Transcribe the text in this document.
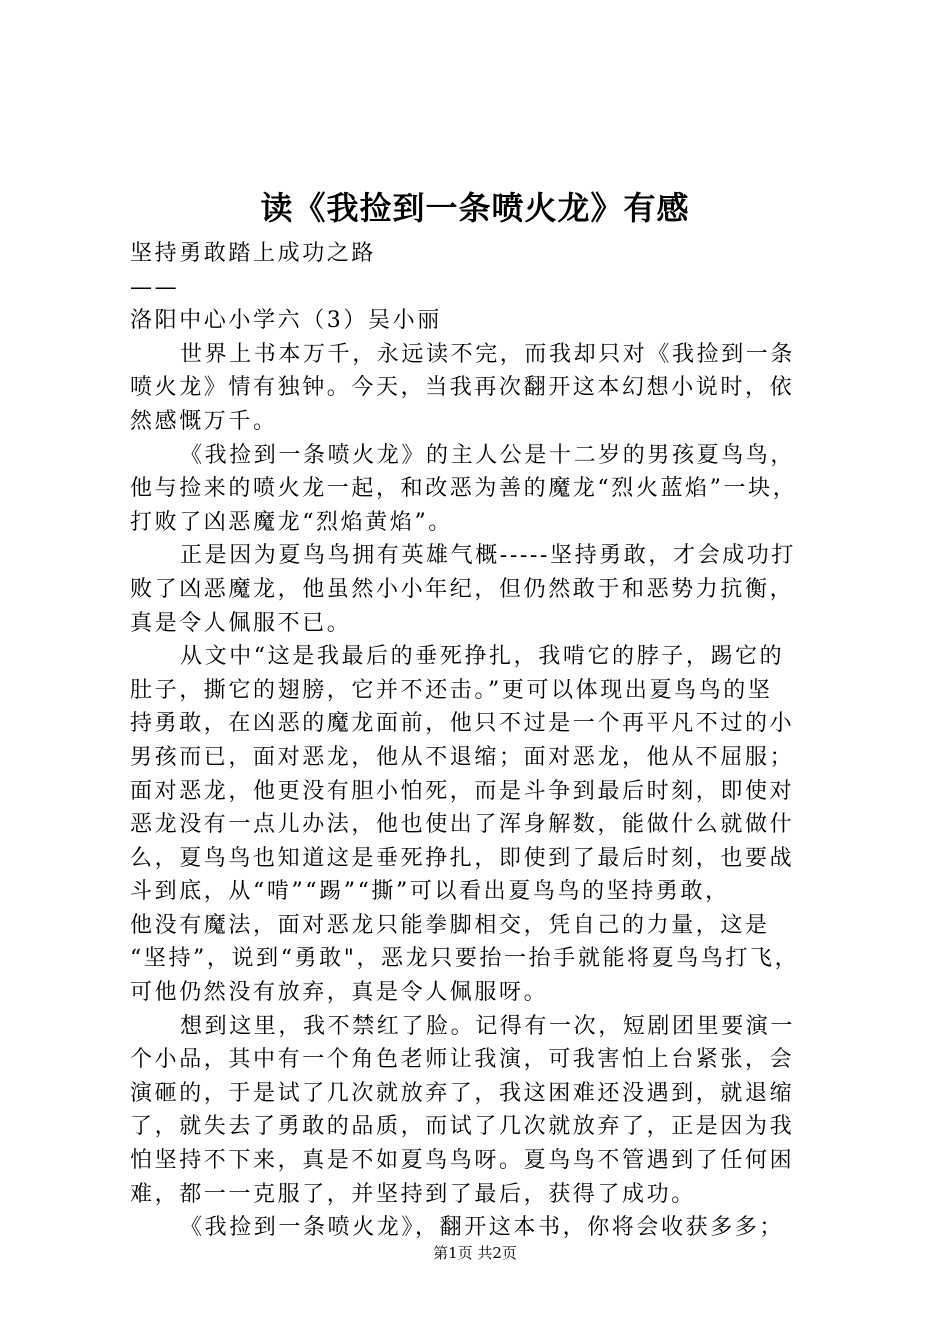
读《我捡到一条喷火龙》有感
坚持勇敢踏上成功之路
——
洛阳中心小学六（3）吴小丽
世界上书本万千，永远读不完，而我却只对《我捡到一条
喷火龙》情有独钟。今天，当我再次翻开这本幻想小说时，依
然感慨万千。
《我捡到一条喷火龙》的主人公是十二岁的男孩夏鸟鸟，
他与捡来的喷火龙一起，和改恶为善的魔龙“烈火蓝焰”一块，
打败了凶恶魔龙“烈焰黄焰”。
正是因为夏鸟鸟拥有英雄气概-----坚持勇敢，才会成功打
败了凶恶魔龙，他虽然小小年纪，但仍然敢于和恶势力抗衡，
真是令人佩服不已。
从文中“这是我最后的垂死挣扎，我啃它的脖子，踢它的
肚子，撕它的翅膀，它并不还击。”更可以体现出夏鸟鸟的坚
持勇敢，在凶恶的魔龙面前，他只不过是一个再平凡不过的小
男孩而已，面对恶龙，他从不退缩；面对恶龙，他从不屈服；
面对恶龙，他更没有胆小怕死，而是斗争到最后时刻，即使对
恶龙没有一点儿办法，他也使出了浑身解数，能做什么就做什
么，夏鸟鸟也知道这是垂死挣扎，即使到了最后时刻，也要战
斗到底，从“啃”“踢”“撕”可以看出夏鸟鸟的坚持勇敢，
他没有魔法，面对恶龙只能拳脚相交，凭自己的力量，这是
“坚持”，说到“勇敢"，恶龙只要抬一抬手就能将夏鸟鸟打飞，
可他仍然没有放弃，真是令人佩服呀。
想到这里，我不禁红了脸。记得有一次，短剧团里要演一
个小品，其中有一个角色老师让我演，可我害怕上台紧张，会
演砸的，于是试了几次就放弃了，我这困难还没遇到，就退缩
了，就失去了勇敢的品质，而试了几次就放弃了，正是因为我
怕坚持不下来，真是不如夏鸟鸟呀。夏鸟鸟不管遇到了任何困
难，都一一克服了，并坚持到了最后，获得了成功。
《我捡到一条喷火龙》，翻开这本书，你将会收获多多；
第1页 共2页
